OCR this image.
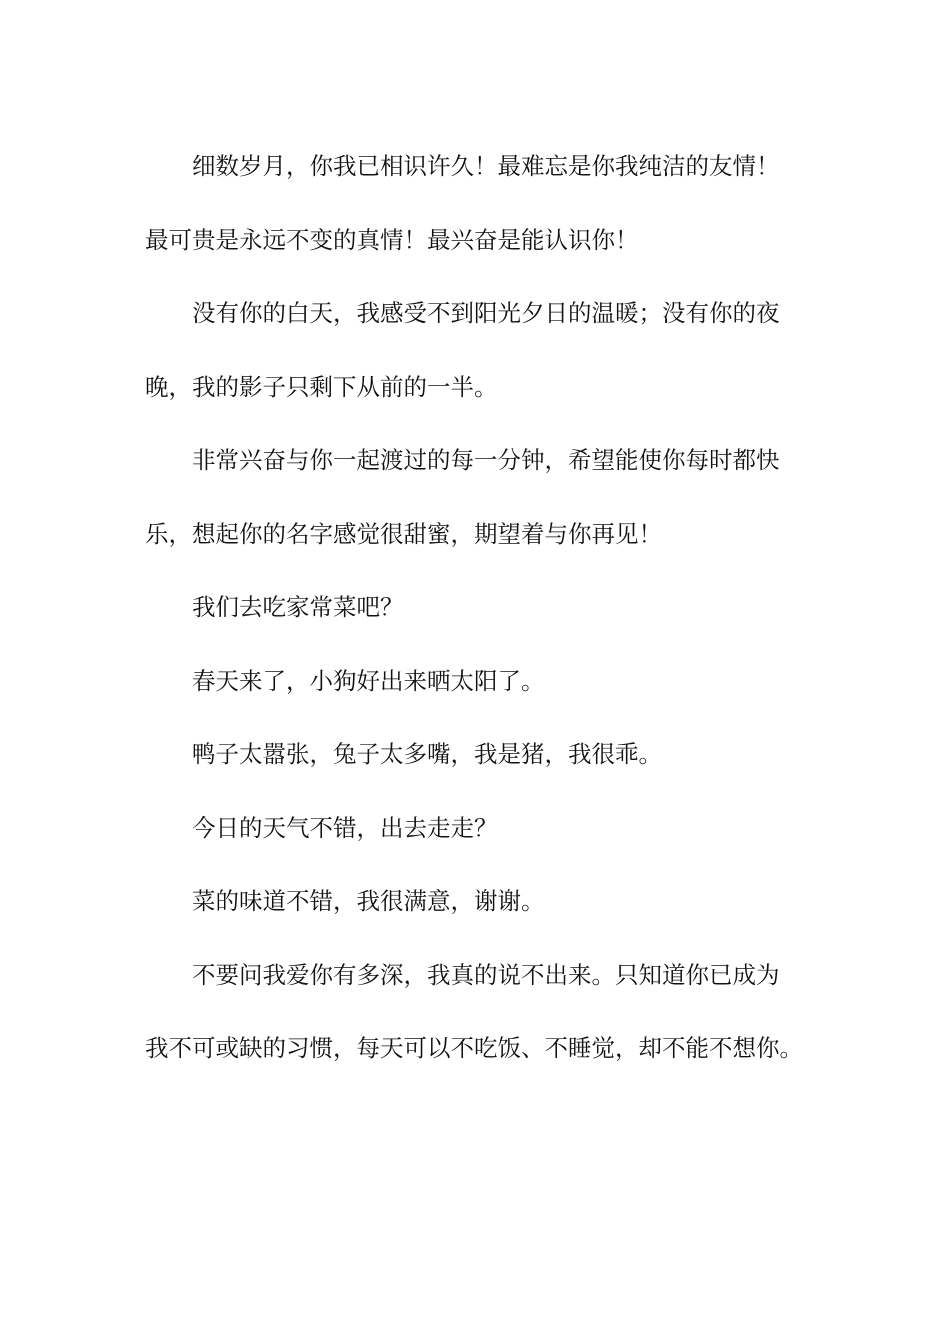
细数岁月，你我已相识许久！最难忘是你我纯洁的友情！
最可贵是永远不变的真情！最兴奋是能认识你！
没有你的白天，我感受不到阳光夕日的温暖；没有你的夜
晚，我的影子只剩下从前的一半。
非常兴奋与你一起渡过的每一分钟，希望能使你每时都快
乐，想起你的名字感觉很甜蜜，期望着与你再见！
我们去吃家常菜吧？
春天来了，小狗好出来晒太阳了。
鸭子太嚣张，兔子太多嘴，我是猪，我很乖。
今日的天气不错，出去走走？
菜的味道不错，我很满意，谢谢。
不要问我爱你有多深，我真的说不出来。只知道你已成为
我不可或缺的习惯，每天可以不吃饭、不睡觉，却不能不想你。
